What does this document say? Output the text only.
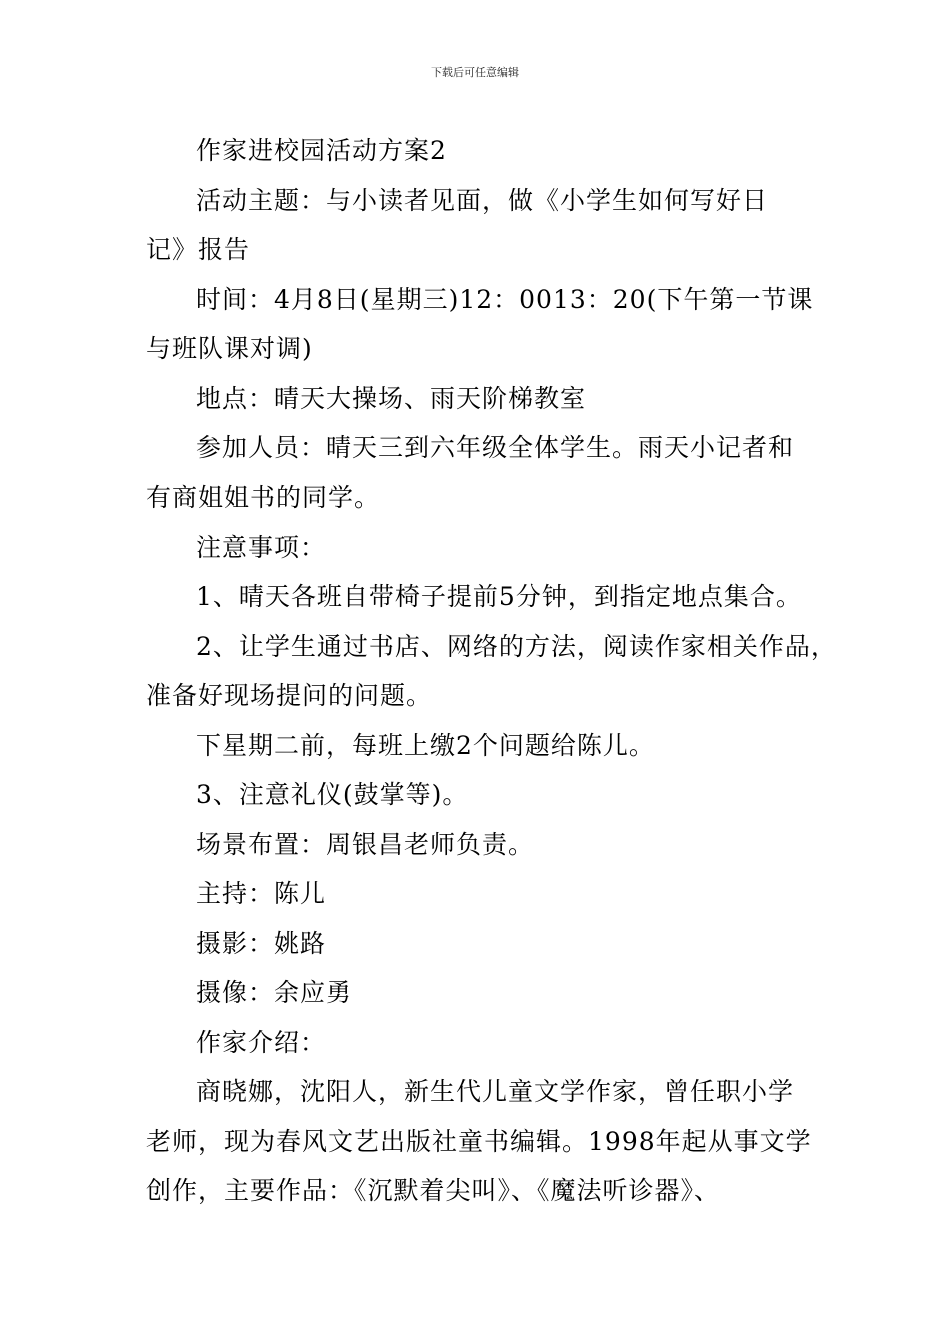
下载后可任意编辑
作家进校园活动方案2
活动主题：与小读者见面，做《小学生如何写好日
记》报告
时间：4月8日(星期三)12：0013：20(下午第一节课
与班队课对调)
地点：晴天大操场、雨天阶梯教室
参加人员：晴天三到六年级全体学生。雨天小记者和
有商姐姐书的同学。
注意事项：
1、晴天各班自带椅子提前5分钟，到指定地点集合。
2、让学生通过书店、网络的方法，阅读作家相关作品，
准备好现场提问的问题。
下星期二前，每班上缴2个问题给陈儿。
3、注意礼仪(鼓掌等)。
场景布置：周银昌老师负责。
主持：陈儿
摄影：姚路
摄像：余应勇
作家介绍：
商晓娜，沈阳人，新生代儿童文学作家，曾任职小学
老师，现为春风文艺出版社童书编辑。1998年起从事文学
创作，主要作品：《沉默着尖叫》、《魔法听诊器》、
